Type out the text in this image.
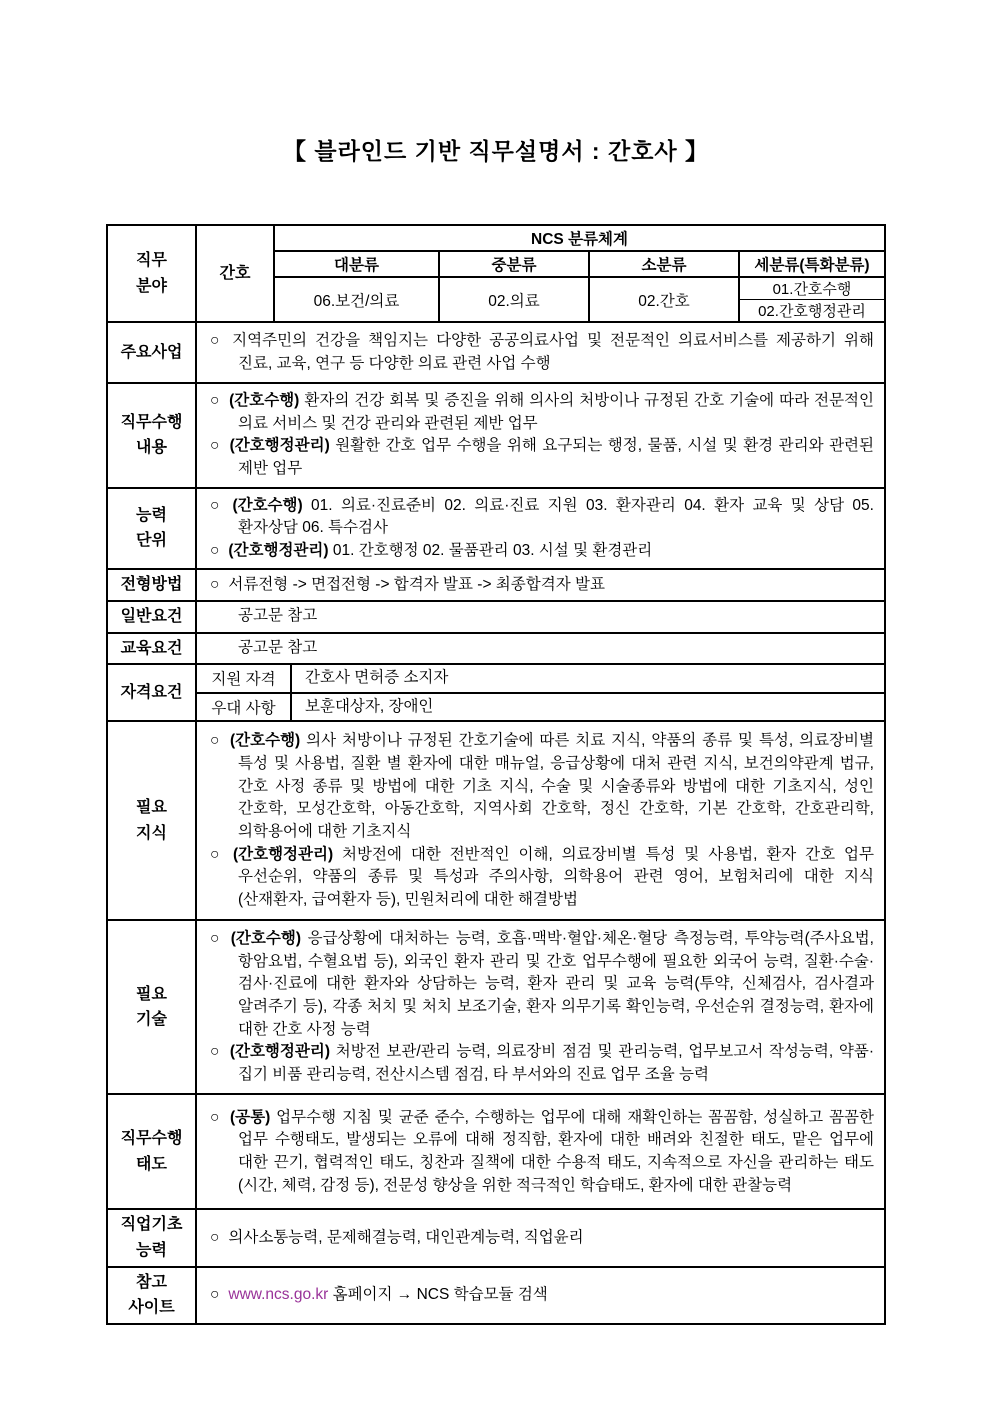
【 블라인드 기반 직무설명서 : 간호사 】
직무
분야	간호	NCS 분류체계				
		대분류		중분류	소분류	세분류(특화분류)
		06.보건/의료		02.의료	02.간호	01.간호수행
						02.간호행정관리
주요사업	○ 지역주민의 건강을 책임지는 다양한 공공의료사업 및 전문적인 의료서비스를 제공하기 위해 진료, 교육, 연구 등 다양한 의료 관련 사업 수행					

직무수행
내용

○ (간호수행) 환자의 건강 회복 및 증진을 위해 의사의 처방이나 규정된 간호 기술에 따라 전문적인 의료 서비스 및 건강 관리와 관련된 제반 업무
○ (간호행정관리) 원활한 간호 업무 수행을 위해 요구되는 행정, 물품, 시설 및 환경 관리와 관련된 제반 업무

능력
단위

○ (간호수행) 01. 의료·진료준비 02. 의료·진료 지원 03. 환자관리 04. 환자 교육 및 상담 05. 환자상담 06. 특수검사
○ (간호행정관리) 01. 간호행정 02. 물품관리 03. 시설 및 환경관리

전형방법	○ 서류전형 -> 면접전형 -> 합격자 발표 -> 최종합격자 발표					

일반요건	공고문 참고					

교육요건	공고문 참고					

자격요건	지원 자격		간호사 면허증 소지자			
	우대 사항		보훈대상자, 장애인			

필요
지식

○ (간호수행) 의사 처방이나 규정된 간호기술에 따른 치료 지식, 약품의 종류 및 특성, 의료장비별 특성 및 사용법, 질환 별 환자에 대한 매뉴얼, 응급상황에 대처 관련 지식, 보건의약관계 법규, 간호 사정 종류 및 방법에 대한 기초 지식, 수술 및 시술종류와 방법에 대한 기초지식, 성인 간호학, 모성간호학, 아동간호학, 지역사회 간호학, 정신 간호학, 기본 간호학, 간호관리학, 의학용어에 대한 기초지식
○ (간호행정관리) 처방전에 대한 전반적인 이해, 의료장비별 특성 및 사용법, 환자 간호 업무 우선순위, 약품의 종류 및 특성과 주의사항, 의학용어 관련 영어, 보험처리에 대한 지식(산재환자, 급여환자 등), 민원처리에 대한 해결방법

필요
기술

○ (간호수행) 응급상황에 대처하는 능력, 호흡·맥박·혈압·체온·혈당 측정능력, 투약능력(주사요법, 항암요법, 수혈요법 등), 외국인 환자 관리 및 간호 업무수행에 필요한 외국어 능력, 질환·수술·검사·진료에 대한 환자와 상담하는 능력, 환자 관리 및 교육 능력(투약, 신체검사, 검사결과 알려주기 등), 각종 처치 및 처치 보조기술, 환자 의무기록 확인능력, 우선순위 결정능력, 환자에 대한 간호 사정 능력
○ (간호행정관리) 처방전 보관/관리 능력, 의료장비 점검 및 관리능력, 업무보고서 작성능력, 약품·집기 비품 관리능력, 전산시스템 점검, 타 부서와의 진료 업무 조율 능력

직무수행
태도	○ (공통) 업무수행 지침 및 균준 준수, 수행하는 업무에 대해 재확인하는 꼼꼼함, 성실하고 꼼꼼한 업무 수행태도, 발생되는 오류에 대해 정직함, 환자에 대한 배려와 친절한 태도, 맡은 업무에 대한 끈기, 협력적인 태도, 칭찬과 질책에 대한 수용적 태도, 지속적으로 자신을 관리하는 태도(시간, 체력, 감정 등), 전문성 향상을 위한 적극적인 학습태도, 환자에 대한 관찰능력					

직업기초
능력	○ 의사소통능력, 문제해결능력, 대인관계능력, 직업윤리					

참고
사이트	○ www.ncs.go.kr 홈페이지 → NCS 학습모듈 검색					
